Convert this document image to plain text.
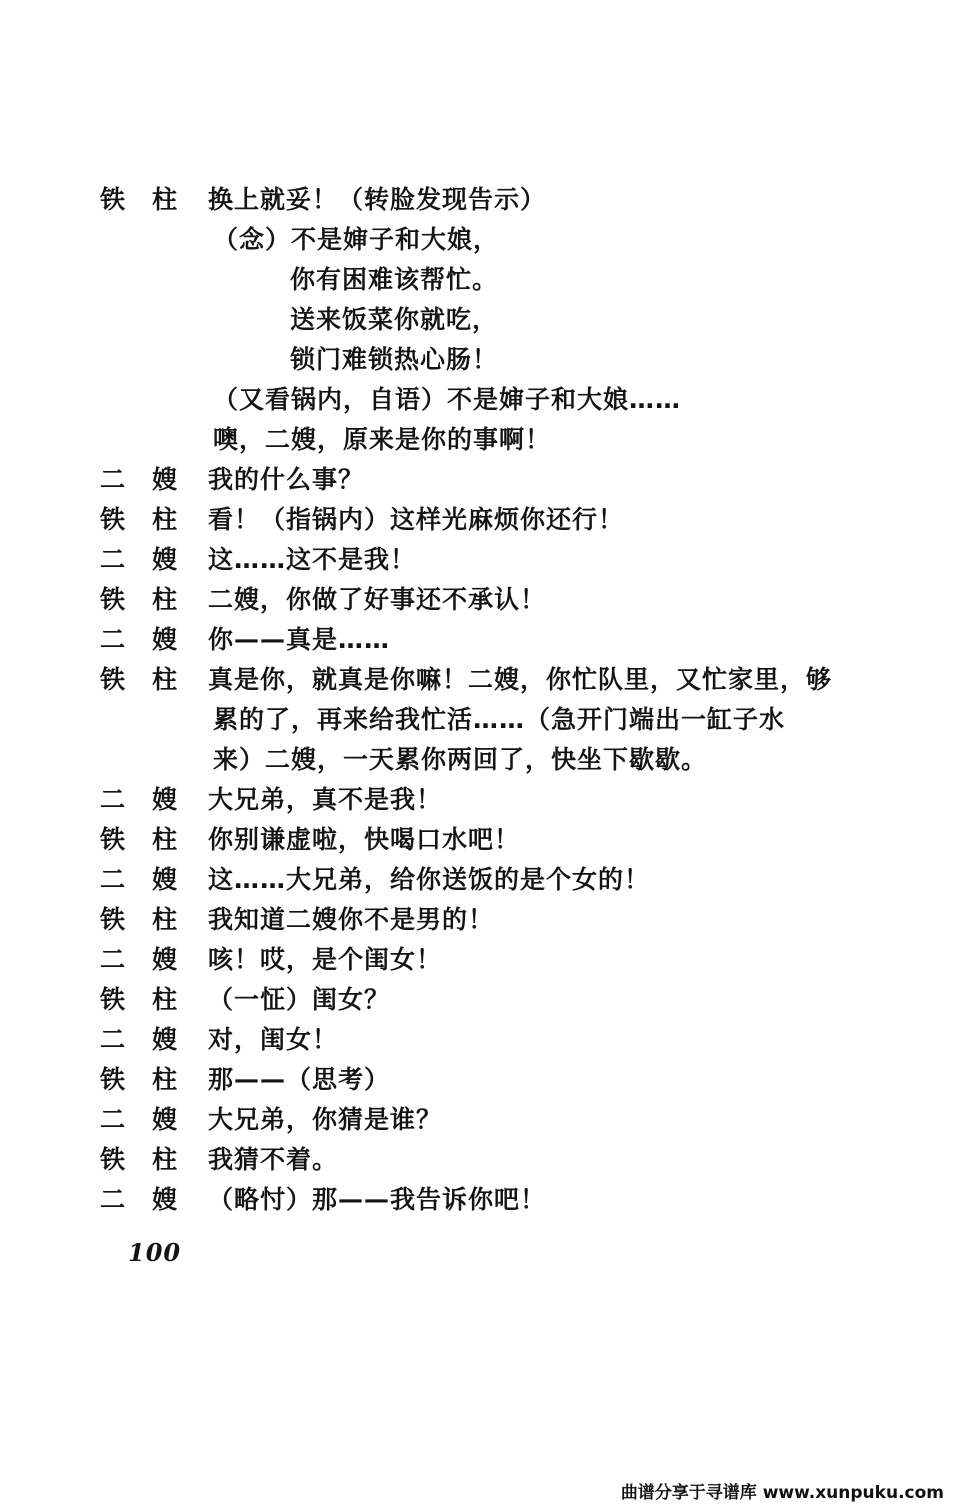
铁 柱	换上就妥！（转脸发现告示）
（念）不是婶子和大娘，
你有困难该帮忙。
送来饭菜你就吃，
锁门难锁热心肠！
（又看锅内，自语）不是婶子和大娘……
噢，二嫂，原来是你的事啊！
二 嫂	我的什么事？
铁 柱	看！（指锅内）这样光麻烦你还行！
二 嫂	这……这不是我！
铁 柱	二嫂，你做了好事还不承认！
二 嫂	你——真是……
铁 柱	真是你，就真是你嘛！二嫂，你忙队里，又忙家里，够
累的了，再来给我忙活……（急开门端出一缸子水
来）二嫂，一天累你两回了，快坐下歇歇。
二 嫂	大兄弟，真不是我！
铁 柱	你别谦虚啦，快喝口水吧！
二 嫂	这……大兄弟，给你送饭的是个女的！
铁 柱	我知道二嫂你不是男的！
二 嫂	咳！哎，是个闺女！
铁 柱	（一怔）闺女？
二 嫂	对，闺女！
铁 柱	那——（思考）
二 嫂	大兄弟，你猜是谁？
铁 柱	我猜不着。
二 嫂	（略忖）那——我告诉你吧！
100
曲谱分享于寻谱库 www.xunpuku.com
